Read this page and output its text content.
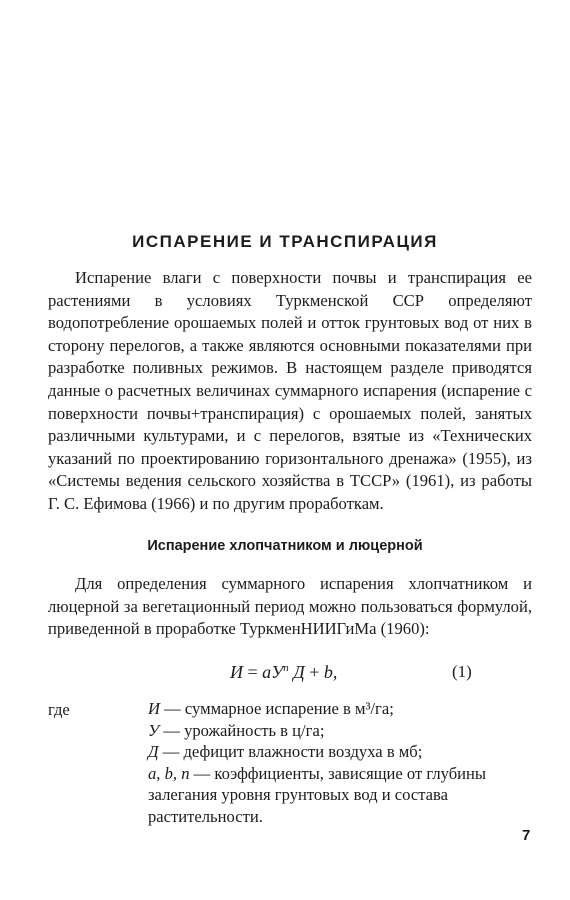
ИСПАРЕНИЕ И ТРАНСПИРАЦИЯ

Испарение влаги с поверхности почвы и транспирация ее растениями в условиях Туркменской ССР определяют водопотребление орошаемых полей и отток грунтовых вод от них в сторону перелогов, а также являются основными показателями при разработке поливных режимов. В настоящем разделе приводятся данные о расчетных величинах суммарного испарения (испарение с поверхности почвы+транспирация) с орошаемых полей, занятых различными культурами, и с перелогов, взятые из «Технических указаний по проектированию горизонтального дренажа» (1955), из «Системы ведения сельского хозяйства в ТССР» (1961), из работы Г. С. Ефимова (1966) и по другим проработкам.

Испарение хлопчатником и люцерной

Для определения суммарного испарения хлопчатником и люцерной за вегетационный период можно пользоваться формулой, приведенной в проработке ТуркменНИИГиМа (1960):

$И = aУ^n$ Д + b,	(1)
где	И — суммарное испарение в м³/га;
У — урожайность в ц/га;
Д — дефицит влажности воздуха в мб;
a, b, n — коэффициенты, зависящие от глубины залегания уровня грунтовых вод и состава растительности.
7
